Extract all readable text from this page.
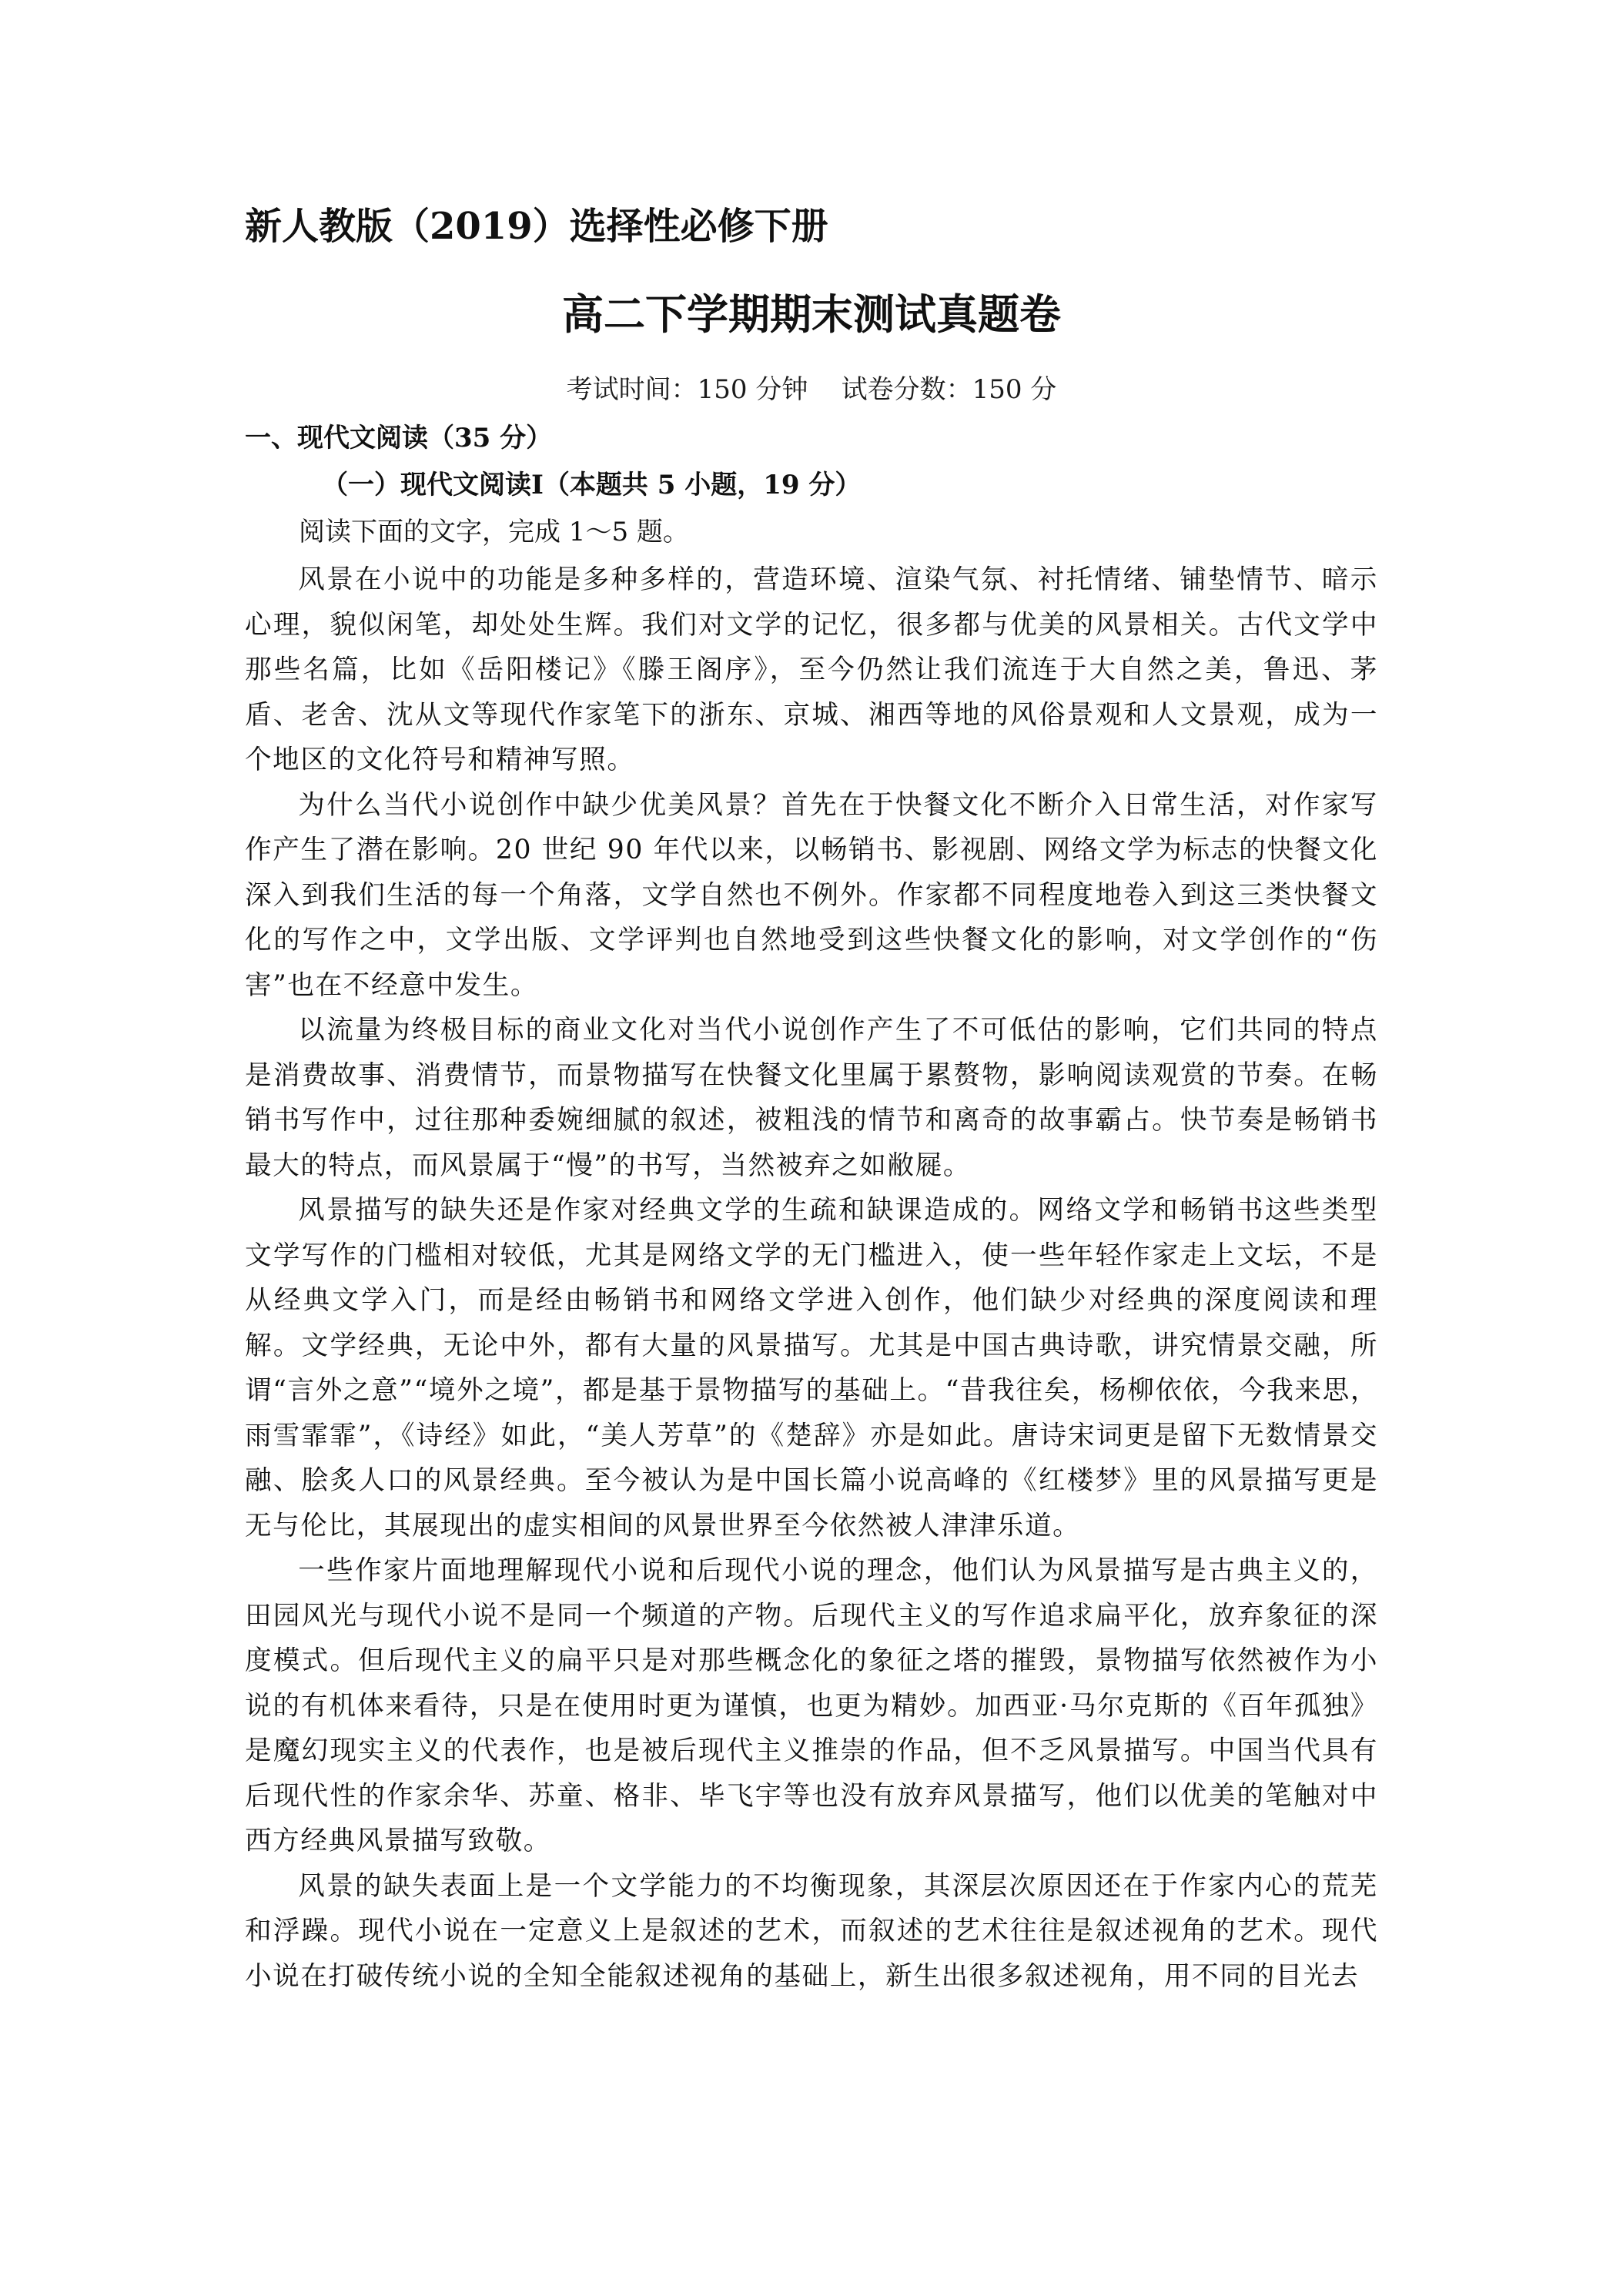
新人教版（2019）选择性必修下册
高二下学期期末测试真题卷
考试时间：150 分钟    试卷分数：150 分
一、现代文阅读（35 分）
（一）现代文阅读Ⅰ（本题共 5 小题，19 分）
阅读下面的文字，完成 1～5 题。

风景在小说中的功能是多种多样的，营造环境、渲染气氛、衬托情绪、铺垫情节、暗示心理，貌似闲笔，却处处生辉。我们对文学的记忆，很多都与优美的风景相关。古代文学中那些名篇，比如《岳阳楼记》《滕王阁序》，至今仍然让我们流连于大自然之美，鲁迅、茅盾、老舍、沈从文等现代作家笔下的浙东、京城、湘西等地的风俗景观和人文景观，成为一个地区的文化符号和精神写照。

为什么当代小说创作中缺少优美风景？首先在于快餐文化不断介入日常生活，对作家写作产生了潜在影响。20 世纪 90 年代以来，以畅销书、影视剧、网络文学为标志的快餐文化深入到我们生活的每一个角落，文学自然也不例外。作家都不同程度地卷入到这三类快餐文化的写作之中，文学出版、文学评判也自然地受到这些快餐文化的影响，对文学创作的“伤害”也在不经意中发生。

以流量为终极目标的商业文化对当代小说创作产生了不可低估的影响，它们共同的特点是消费故事、消费情节，而景物描写在快餐文化里属于累赘物，影响阅读观赏的节奏。在畅销书写作中，过往那种委婉细腻的叙述，被粗浅的情节和离奇的故事霸占。快节奏是畅销书最大的特点，而风景属于“慢”的书写，当然被弃之如敝屣。

风景描写的缺失还是作家对经典文学的生疏和缺课造成的。网络文学和畅销书这些类型文学写作的门槛相对较低，尤其是网络文学的无门槛进入，使一些年轻作家走上文坛，不是从经典文学入门，而是经由畅销书和网络文学进入创作，他们缺少对经典的深度阅读和理解。文学经典，无论中外，都有大量的风景描写。尤其是中国古典诗歌，讲究情景交融，所谓“言外之意”“境外之境”，都是基于景物描写的基础上。“昔我往矣，杨柳依依，今我来思，雨雪霏霏”，《诗经》如此，“美人芳草”的《楚辞》亦是如此。唐诗宋词更是留下无数情景交融、脍炙人口的风景经典。至今被认为是中国长篇小说高峰的《红楼梦》里的风景描写更是无与伦比，其展现出的虚实相间的风景世界至今依然被人津津乐道。

一些作家片面地理解现代小说和后现代小说的理念，他们认为风景描写是古典主义的，田园风光与现代小说不是同一个频道的产物。后现代主义的写作追求扁平化，放弃象征的深度模式。但后现代主义的扁平只是对那些概念化的象征之塔的摧毁，景物描写依然被作为小说的有机体来看待，只是在使用时更为谨慎，也更为精妙。加西亚·马尔克斯的《百年孤独》是魔幻现实主义的代表作，也是被后现代主义推崇的作品，但不乏风景描写。中国当代具有后现代性的作家余华、苏童、格非、毕飞宇等也没有放弃风景描写，他们以优美的笔触对中西方经典风景描写致敬。

风景的缺失表面上是一个文学能力的不均衡现象，其深层次原因还在于作家内心的荒芜和浮躁。现代小说在一定意义上是叙述的艺术，而叙述的艺术往往是叙述视角的艺术。现代小说在打破传统小说的全知全能叙述视角的基础上，新生出很多叙述视角，用不同的目光去
